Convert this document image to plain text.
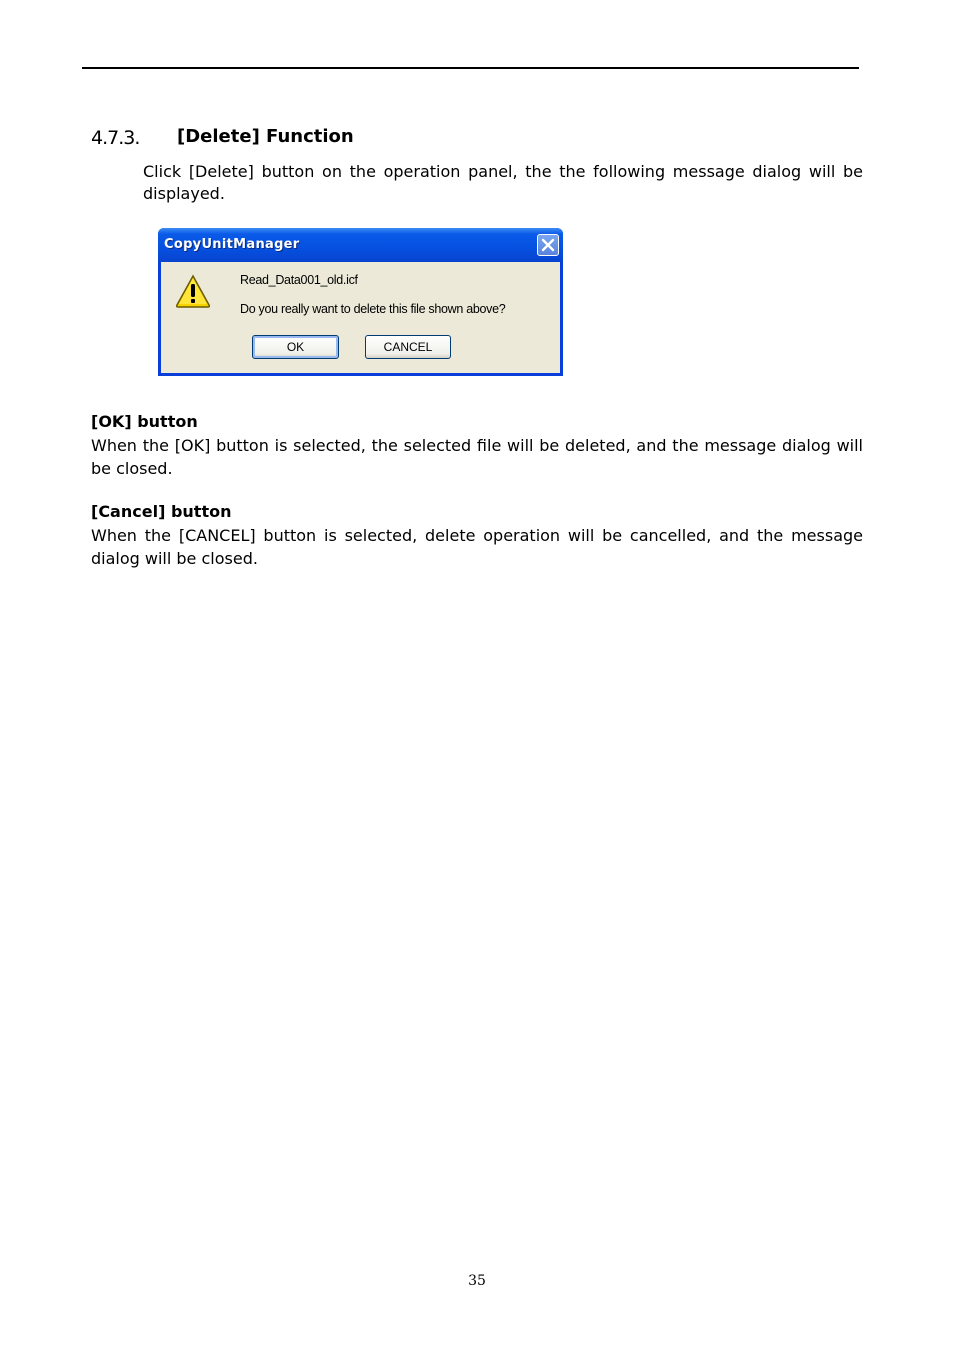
4.7.3. [Delete] Function
Click [Delete] button on the operation panel, the the following message dialog will be
displayed.
CopyUnitManager
Read_Data001_old.icf
Do you really want to delete this file shown above?
OK	CANCEL
[OK] button
When the [OK] button is selected, the selected file will be deleted, and the message dialog will be closed.
[Cancel] button
When the [CANCEL] button is selected, delete operation will be cancelled, and the message dialog will be closed.
35
